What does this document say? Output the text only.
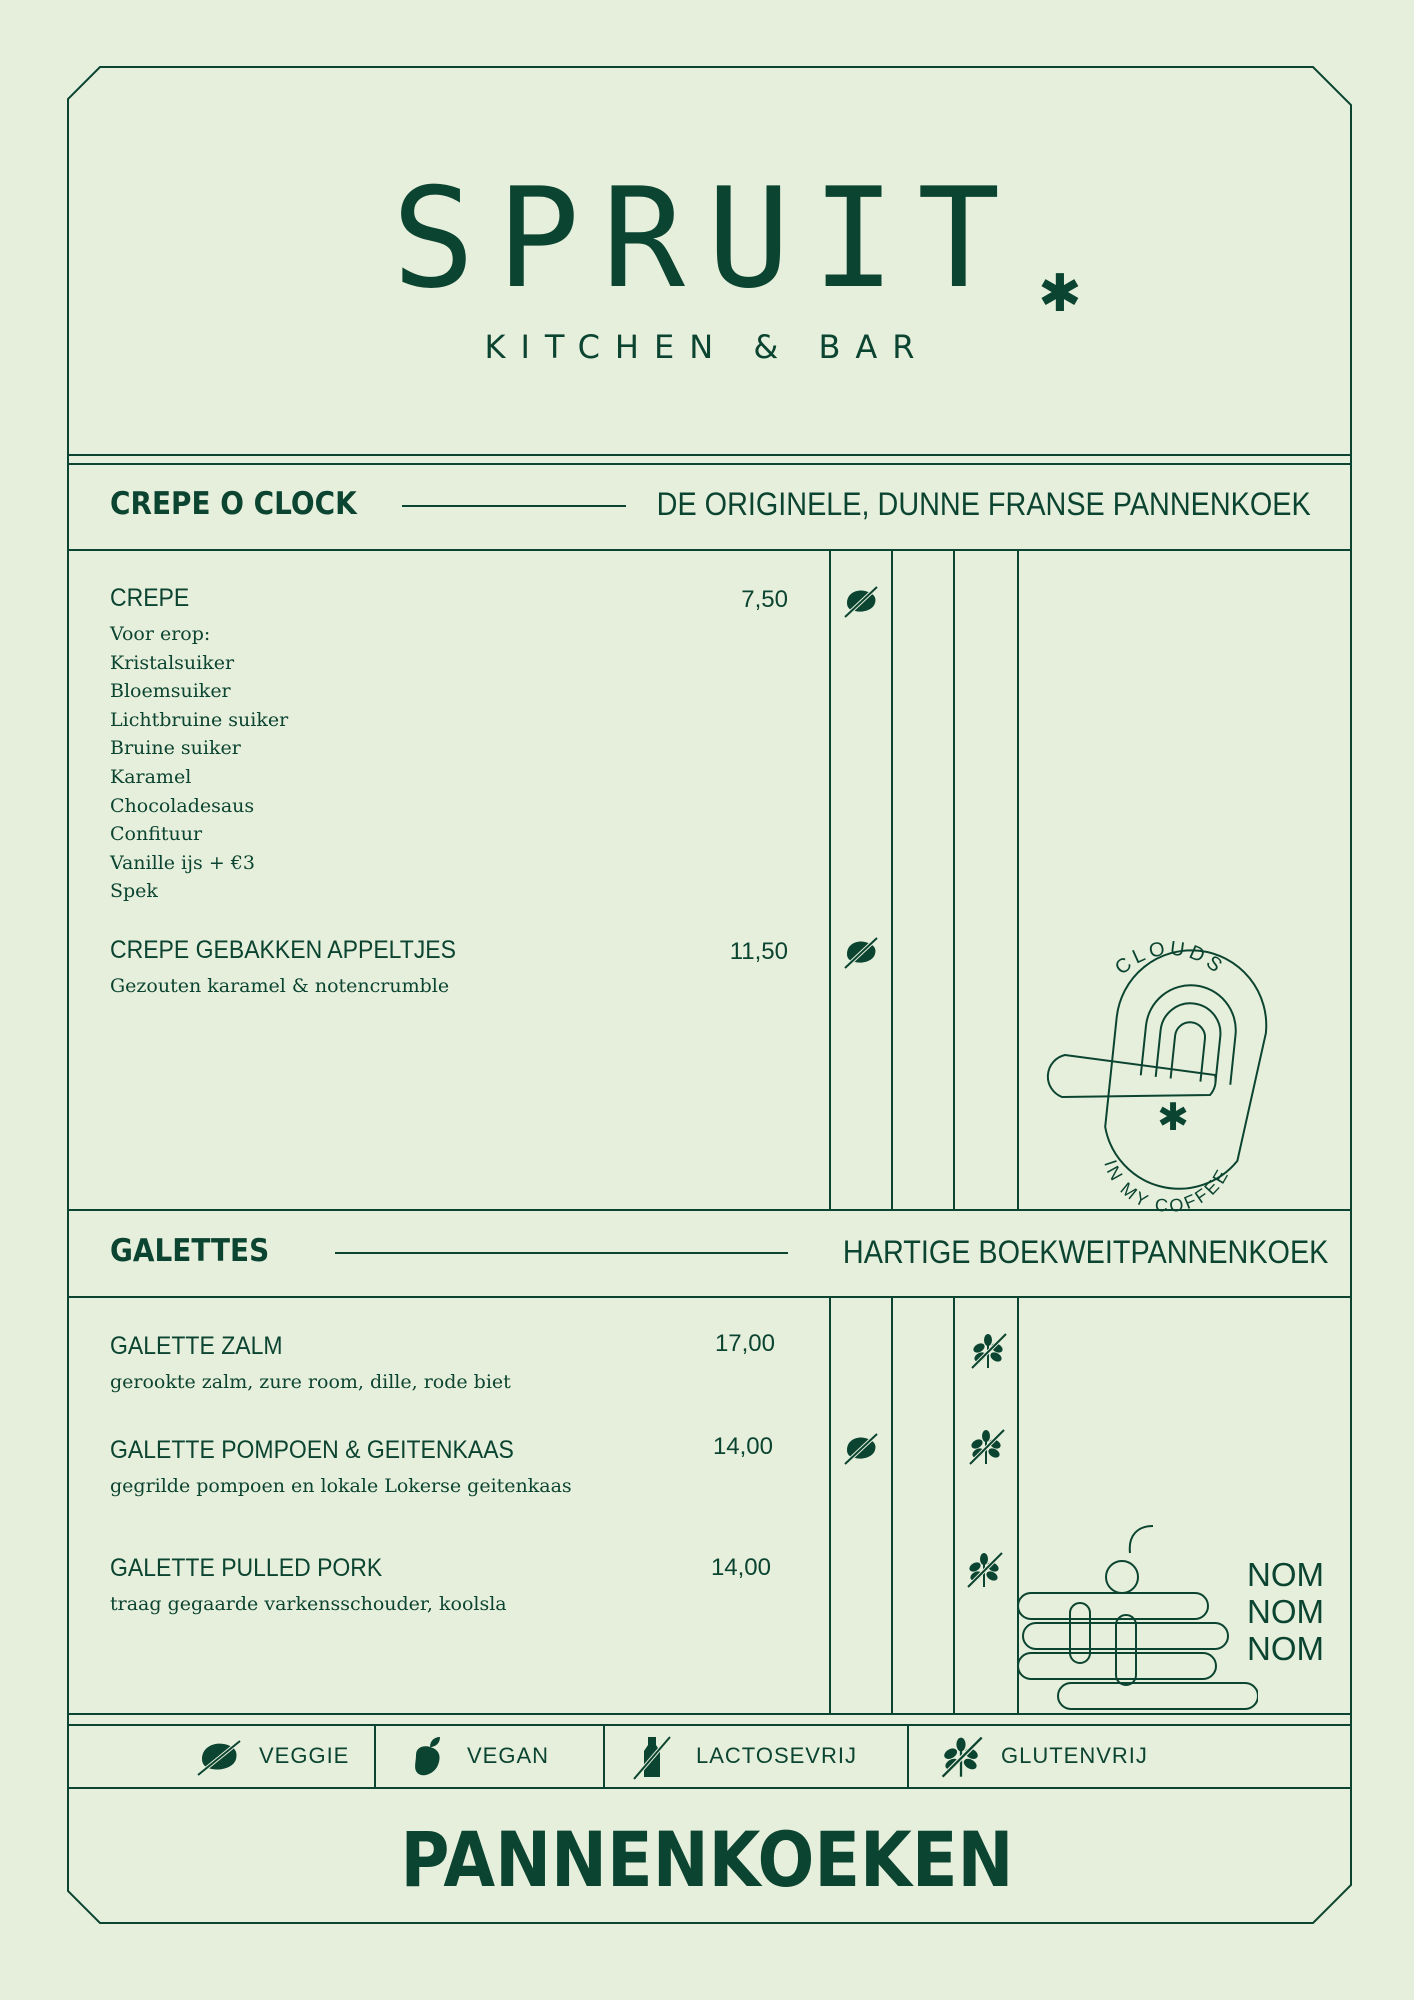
SPRUIT ✱
KITCHEN & BAR
CREPE O CLOCK	DE ORIGINELE, DUNNE FRANSE PANNENKOEK
CREPE	7,50
Voor erop:
Kristalsuiker
Bloemsuiker
Lichtbruine suiker
Bruine suiker
Karamel
Chocoladesaus
Confituur
Vanille ijs + €3
Spek
CREPE GEBAKKEN APPELTJES	11,50
Gezouten karamel & notencrumble
GALETTES	HARTIGE BOEKWEITPANNENKOEK
GALETTE ZALM	17,00
gerookte zalm, zure room, dille, rode biet
GALETTE POMPOEN & GEITENKAAS	14,00
gegrilde pompoen en lokale Lokerse geitenkaas
GALETTE PULLED PORK	14,00
traag gegaarde varkensschouder, koolsla
✱
CLOUDS
IN MY COFFEE
NOM
NOM
NOM
VEGGIE	VEGAN	LACTOSEVRIJ	GLUTENVRIJ
PANNENKOEKEN
